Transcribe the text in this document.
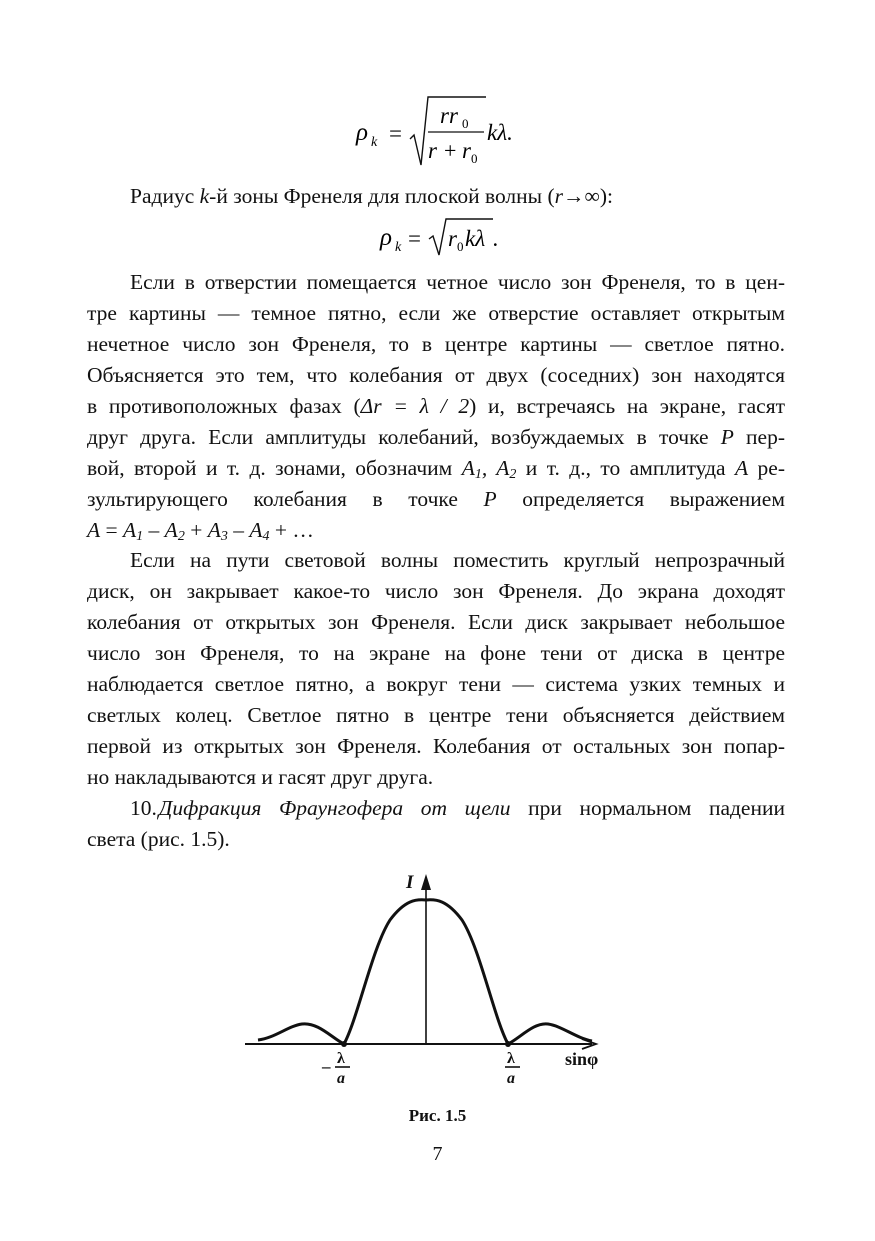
ρ k =
rr 0
r + r 0
kλ.
Радиус k-й зоны Френеля для плоской волны (r→∞):
ρ k = r 0 kλ .
Если в отверстии помещается четное число зон Френеля, то в цен-
тре картины — темное пятно, если же отверстие оставляет открытым
нечетное число зон Френеля, то в центре картины — светлое пятно.
Объясняется это тем, что колебания от двух (соседних) зон находятся
в противоположных фазах (Δr = λ / 2) и, встречаясь на экране, гасят
друг друга. Если амплитуды колебаний, возбуждаемых в точке P пер-
вой, второй и т. д. зонами, обозначим $A_1$, $A_2$ и т. д., то амплитуда A ре-
зультирующего колебания в точке P определяется выражением
$A = A_1 - A_2 + A_3 - A_4$ + …
Если на пути световой волны поместить круглый непрозрачный
диск, он закрывает какое-то число зон Френеля. До экрана доходят
колебания от открытых зон Френеля. Если диск закрывает небольшое
число зон Френеля, то на экране на фоне тени от диска в центре
наблюдается светлое пятно, а вокруг тени — система узких темных и
светлых колец. Светлое пятно в центре тени объясняется действием
первой из открытых зон Френеля. Колебания от остальных зон попар-
но накладываются и гасят друг друга.
10. Дифракция Фраунгофера от щели при нормальном падении
света (рис. 1.5).
I
sinφ
– λ
a
λ
a
Рис. 1.5
7
